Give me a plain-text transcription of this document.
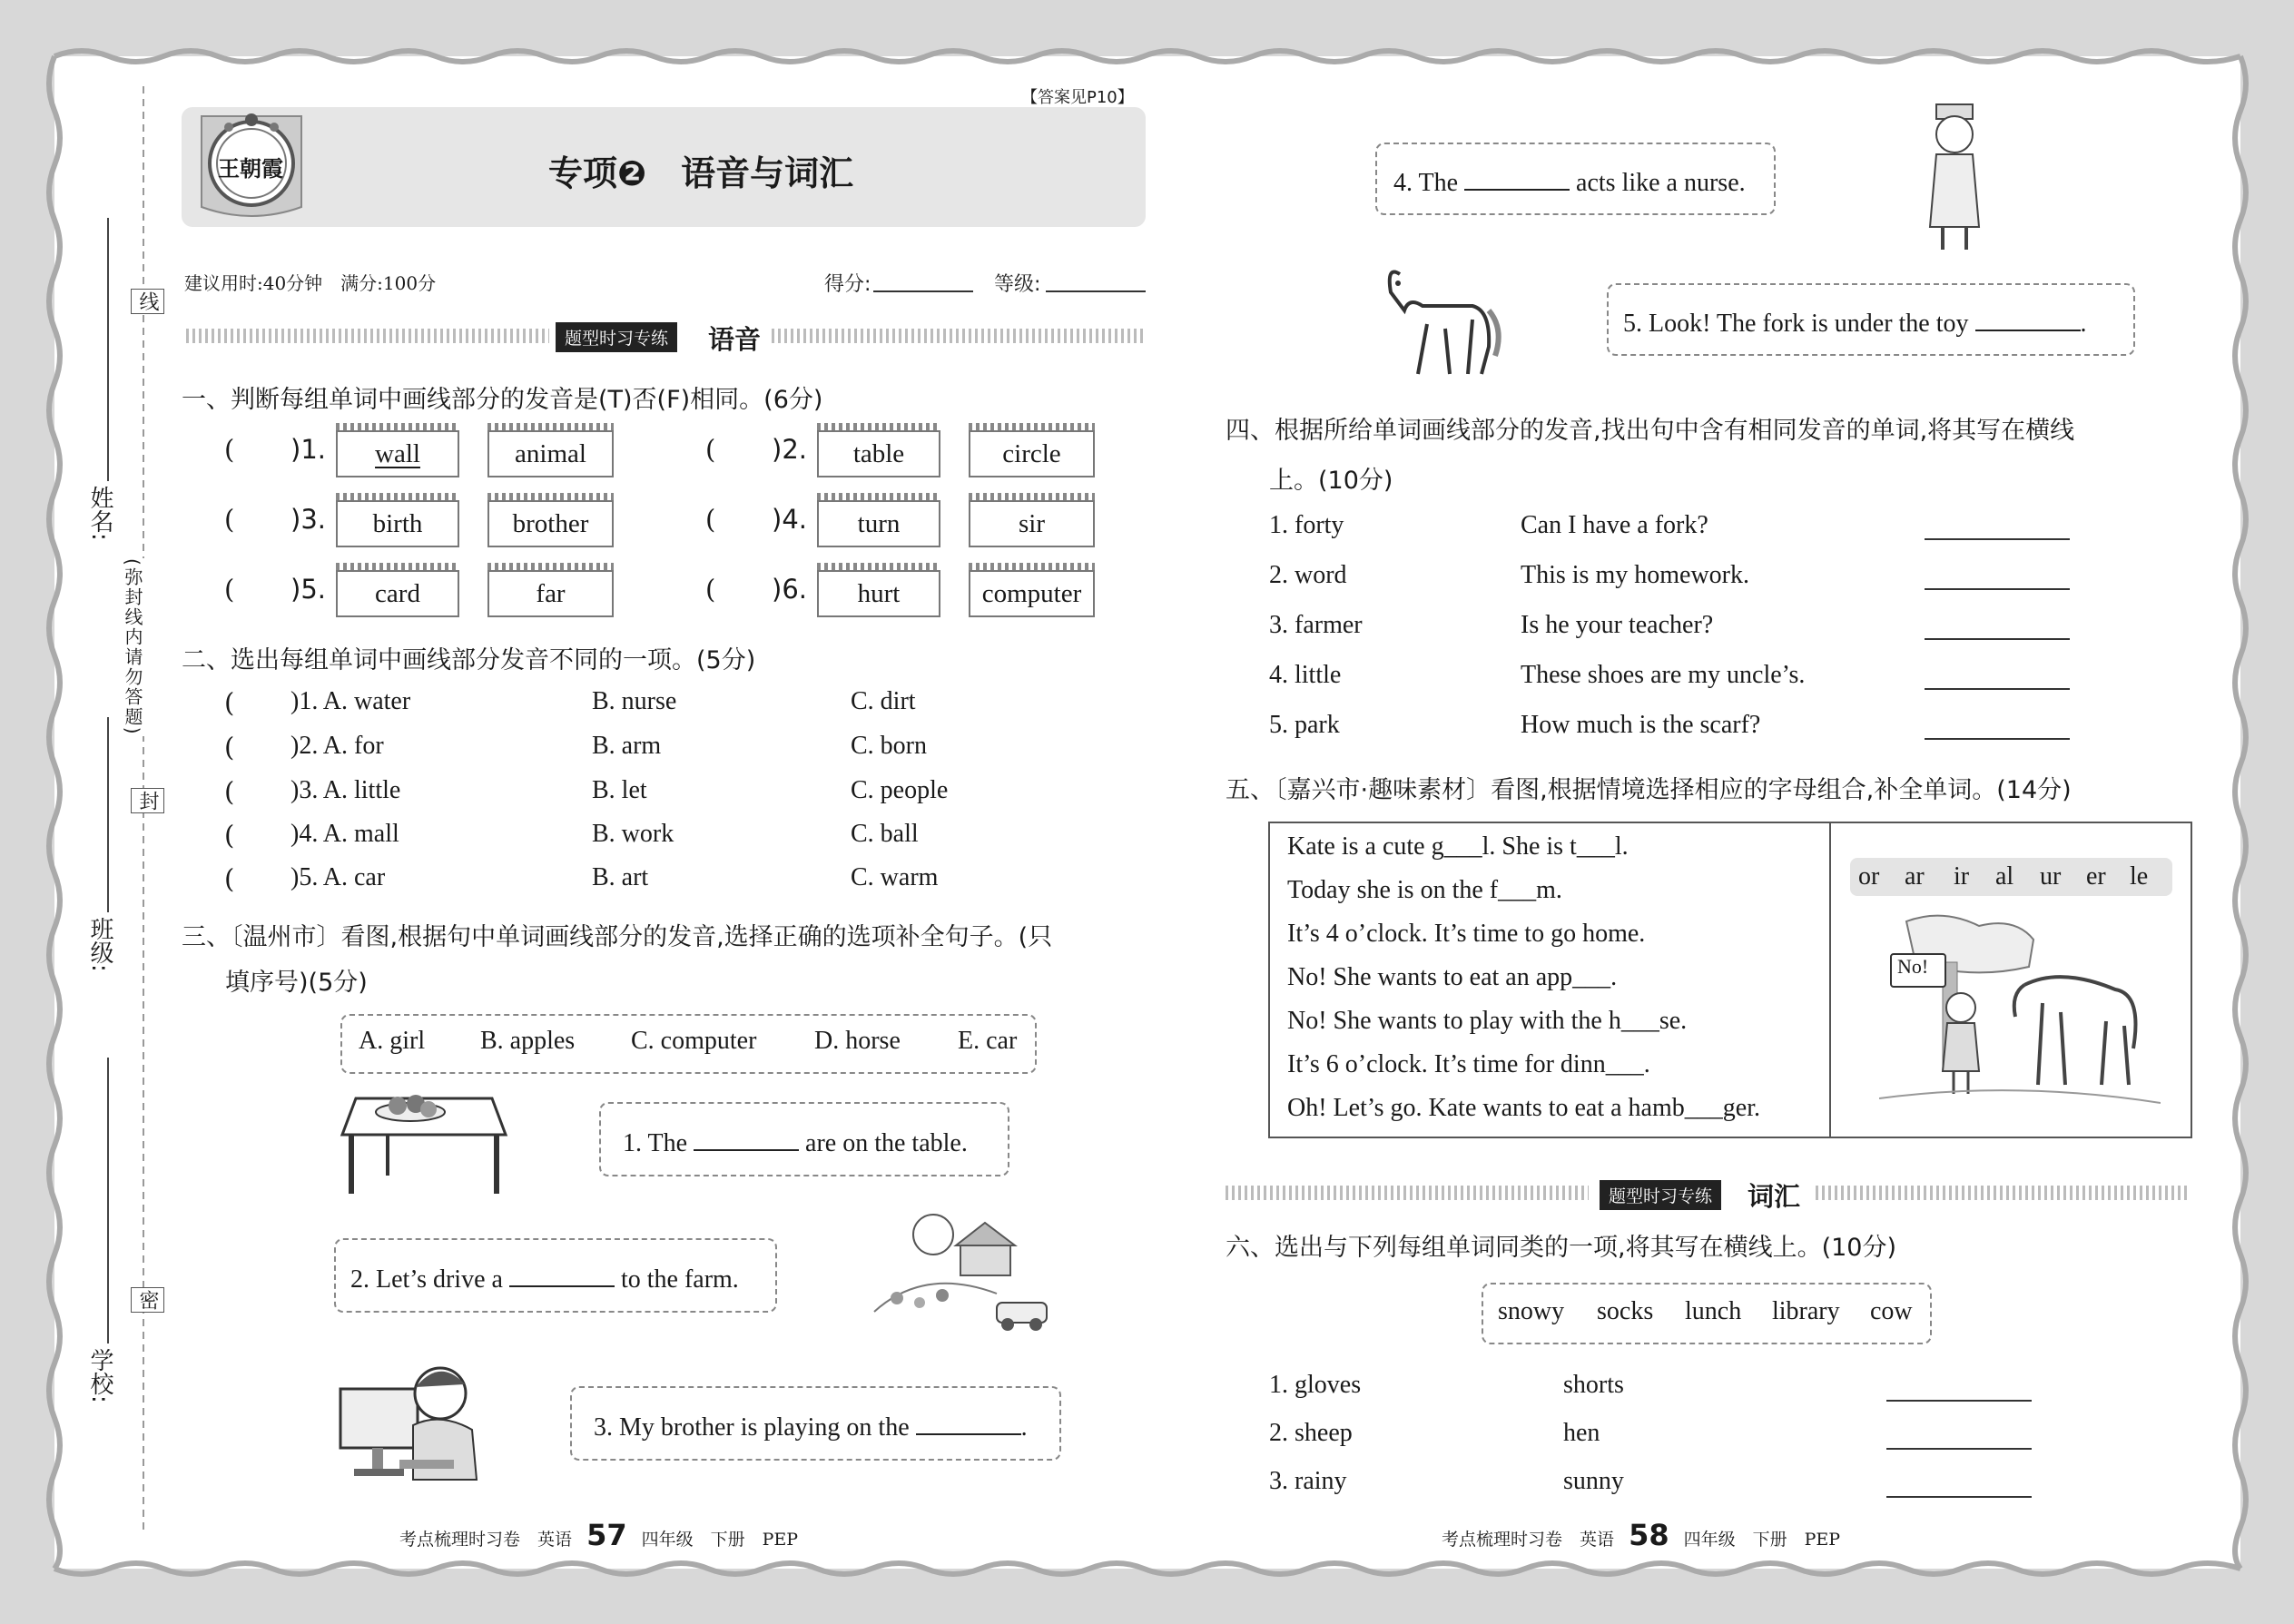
姓名:
班级:
学校:
线
封
密
(弥封线内请勿答题)
【答案见P10】
王朝霞	专项❷　语音与词汇
建议用时:40分钟　满分:100分	得分:	等级:
题型时习专练	语音
一、判断每组单词中画线部分的发音是(T)否(F)相同。(6分)
( )1.	wall	animal	( )2.	table	circle
( )3.	birth	brother	( )4.	turn	sir
( )5.	card	far	( )6.	hurt	computer
二、选出每组单词中画线部分发音不同的一项。(5分)
( )1. A. water	B. nurse	C. dirt
( )2. A. for	B. arm	C. born
( )3. A. little	B. let	C. people
( )4. A. mall	B. work	C. ball
( )5. A. car	B. art	C. warm
三、〔温州市〕看图,根据句中单词画线部分的发音,选择正确的选项补全句子。(只
填序号)(5分)
A. girl B. apples C. computer D. horse E. car
1. The	are on the table.
2. Let’s drive a	to the farm.
3. My brother is playing on the	.
4. The	acts like a nurse.
5. Look! The fork is under the toy	.
四、根据所给单词画线部分的发音,找出句中含有相同发音的单词,将其写在横线
上。(10分)
1. forty	Can I have a fork?
2. word	This is my homework.
3. farmer	Is he your teacher?
4. little	These shoes are my uncle’s.
5. park	How much is the scarf?
五、〔嘉兴市·趣味素材〕看图,根据情境选择相应的字母组合,补全单词。(14分)
Kate is a cute g___l. She is t___l.
Today she is on the f___m.
It’s 4 o’clock. It’s time to go home.
No! She wants to eat an app___.
No! She wants to play with the h___se.
It’s 6 o’clock. It’s time for dinn___.
Oh! Let’s go. Kate wants to eat a hamb___ger.
or ar ir al ur er le
No!
题型时习专练	词汇
六、选出与下列每组单词同类的一项,将其写在横线上。(10分)
snowy socks lunch library cow
1. gloves	shorts
2. sheep	hen
3. rainy	sunny
考点梳理时习卷　英语 57 四年级　下册　PEP	考点梳理时习卷　英语 58 四年级　下册　PEP
